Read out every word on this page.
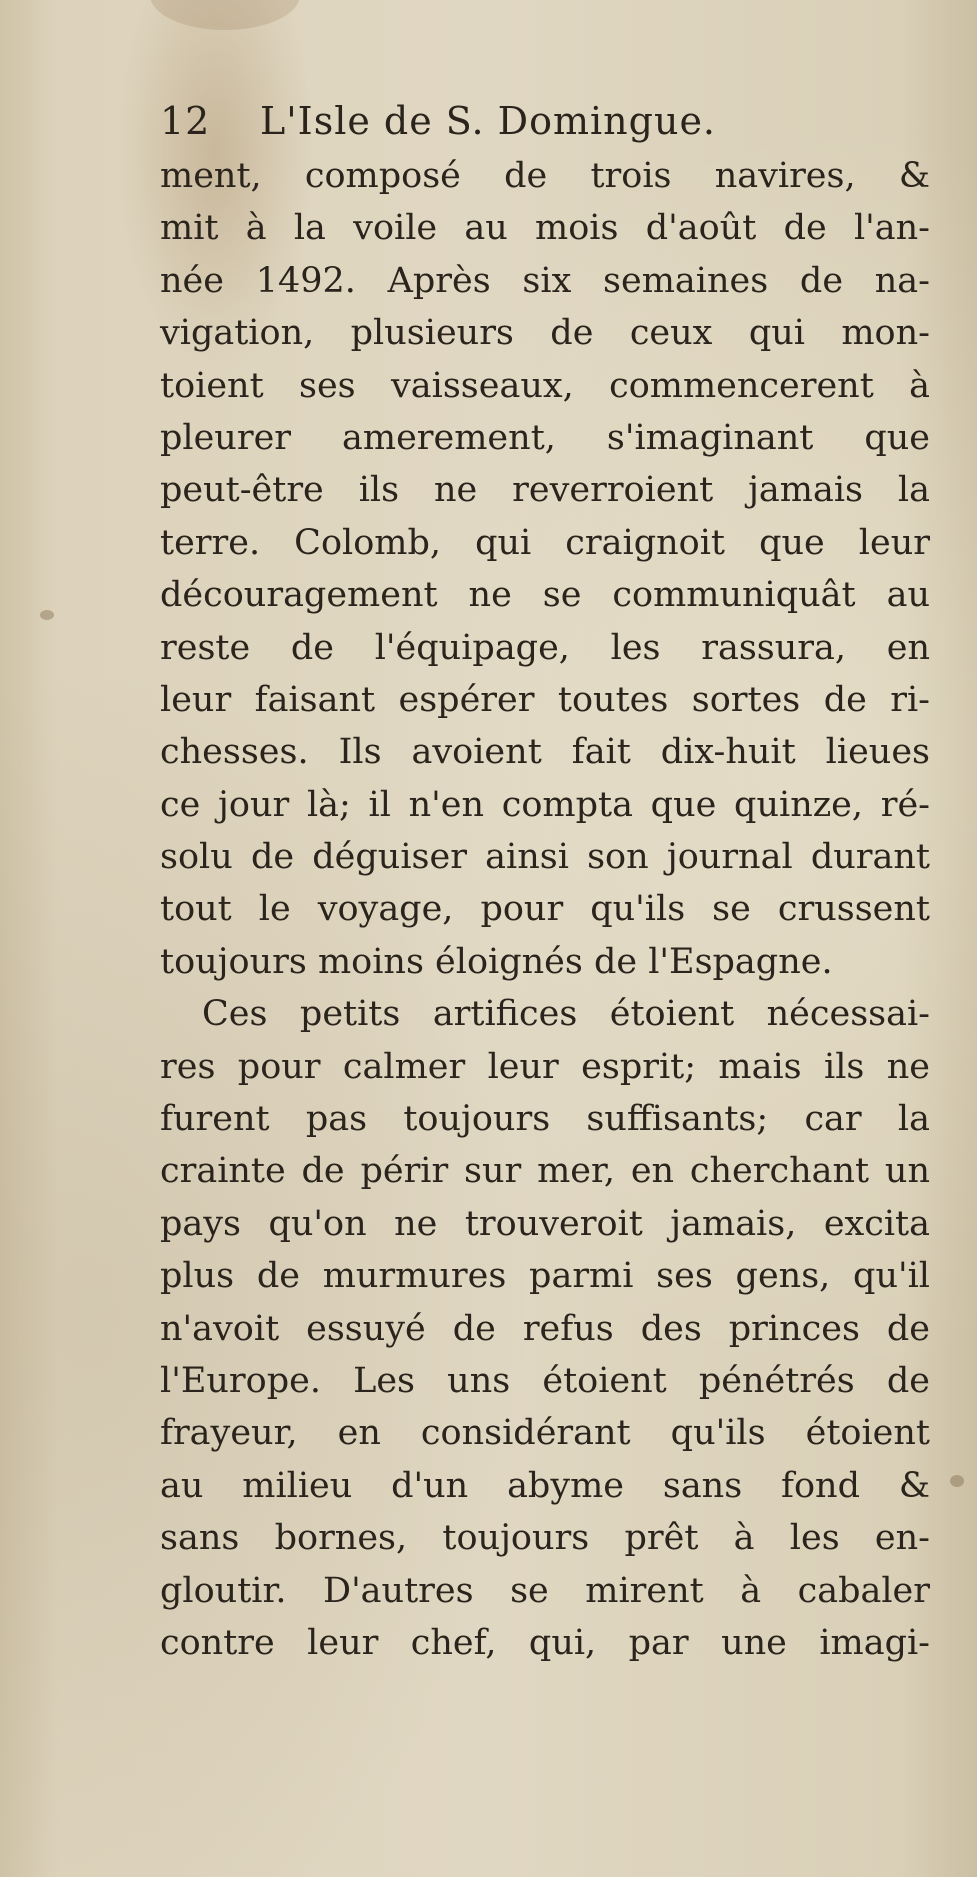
12 L'Isle de S. Domingue.
ment, composé de trois navires, &
mit à la voile au mois d'août de l'an-
née 1492. Après six semaines de na-
vigation, plusieurs de ceux qui mon-
toient ses vaisseaux, commencerent à
pleurer amerement, s'imaginant que
peut-être ils ne reverroient jamais la
terre. Colomb, qui craignoit que leur
découragement ne se communiquât au
reste de l'équipage, les rassura, en
leur faisant espérer toutes sortes de ri-
chesses. Ils avoient fait dix-huit lieues
ce jour là; il n'en compta que quinze, ré-
solu de déguiser ainsi son journal durant
tout le voyage, pour qu'ils se crussent
toujours moins éloignés de l'Espagne.
Ces petits artifices étoient nécessai-
res pour calmer leur esprit; mais ils ne
furent pas toujours suffisants; car la
crainte de périr sur mer, en cherchant un
pays qu'on ne trouveroit jamais, excita
plus de murmures parmi ses gens, qu'il
n'avoit essuyé de refus des princes de
l'Europe. Les uns étoient pénétrés de
frayeur, en considérant qu'ils étoient
au milieu d'un abyme sans fond &
sans bornes, toujours prêt à les en-
gloutir. D'autres se mirent à cabaler
contre leur chef, qui, par une imagi-
